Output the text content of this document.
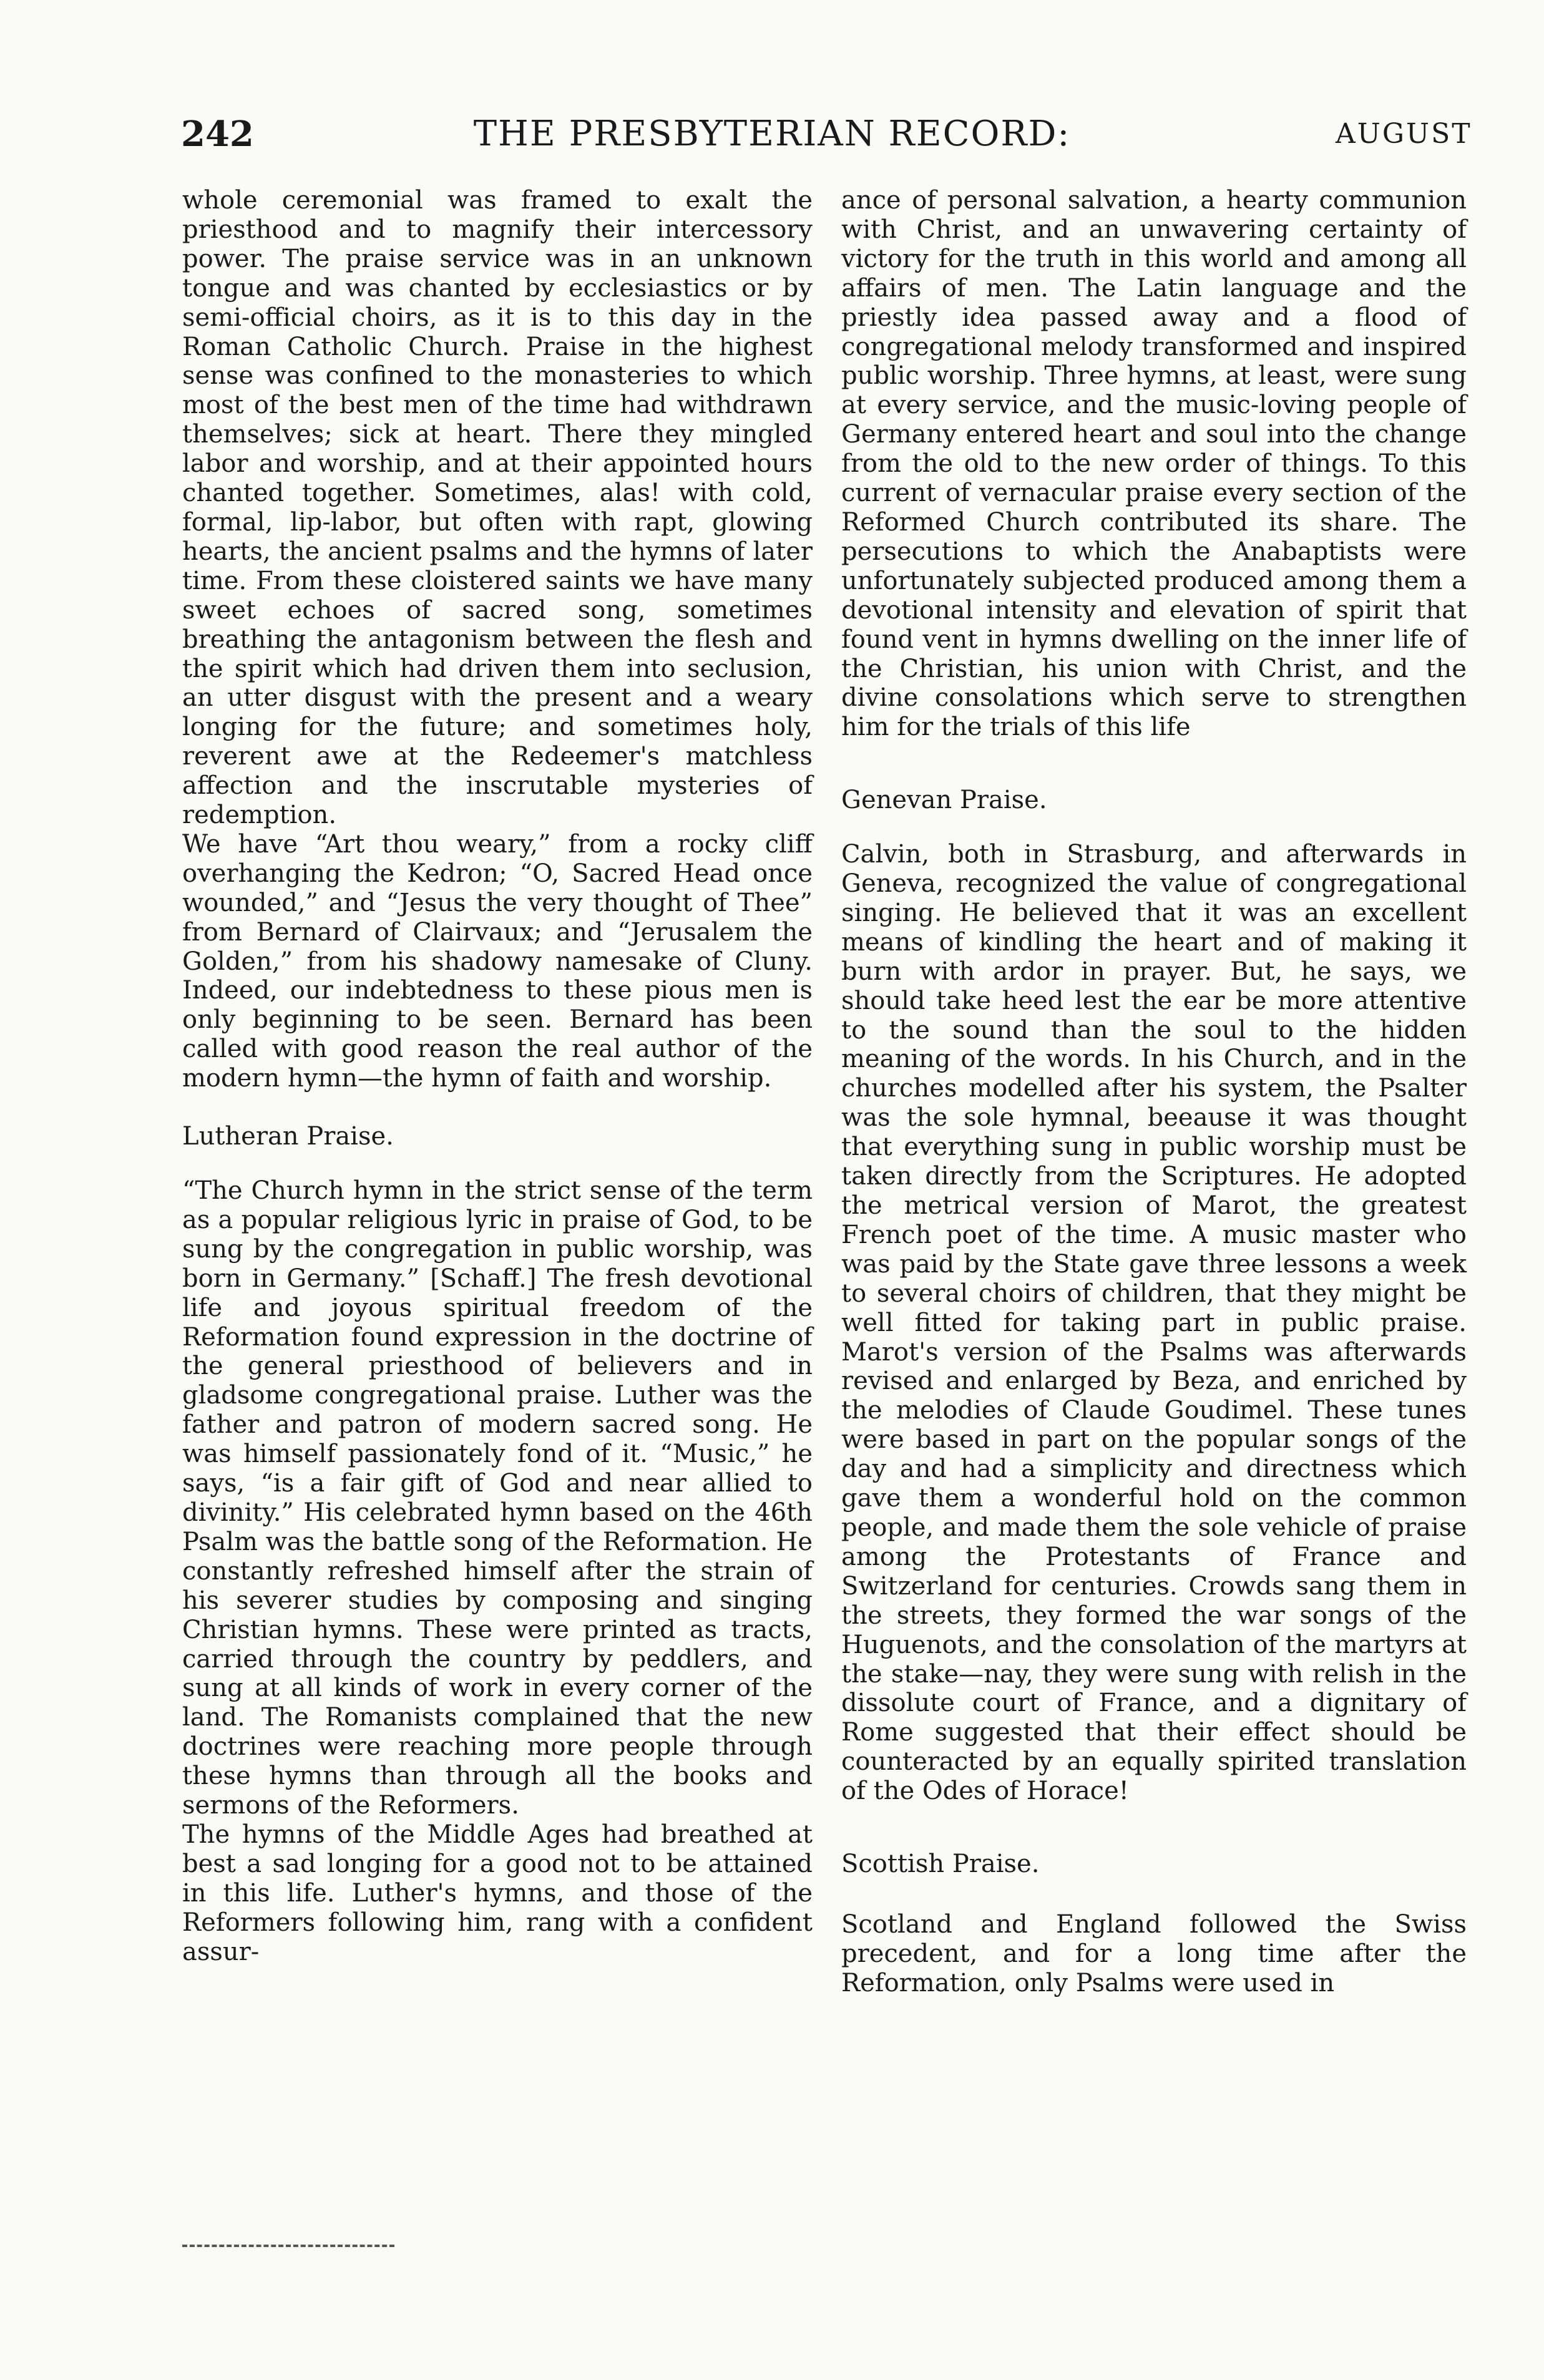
THE PRESBYTERIAN RECORD:
242	AUGUST

whole ceremonial was framed to exalt the priesthood and to magnify their intercessory power. The praise service was in an unknown tongue and was chanted by ecclesiastics or by semi-official choirs, as it is to this day in the Roman Catholic Church. Praise in the highest sense was confined to the monasteries to which most of the best men of the time had withdrawn themselves; sick at heart. There they mingled labor and worship, and at their appointed hours chanted together. Sometimes, alas! with cold, formal, lip-labor, but often with rapt, glowing hearts, the ancient psalms and the hymns of later time. From these cloistered saints we have many sweet echoes of sacred song, sometimes breathing the antagonism between the flesh and the spirit which had driven them into seclusion, an utter disgust with the present and a weary longing for the future; and sometimes holy, reverent awe at the Redeemer's matchless affection and the inscrutable mysteries of redemption.

We have “Art thou weary,” from a rocky cliff overhanging the Kedron; “O, Sacred Head once wounded,” and “Jesus the very thought of Thee” from Bernard of Clairvaux; and “Jerusalem the Golden,” from his shadowy namesake of Cluny. Indeed, our indebtedness to these pious men is only beginning to be seen. Bernard has been called with good reason the real author of the modern hymn—the hymn of faith and worship.

Lutheran Praise.

“The Church hymn in the strict sense of the term as a popular religious lyric in praise of God, to be sung by the congregation in public worship, was born in Germany.” [Schaff.] The fresh devotional life and joyous spiritual freedom of the Reformation found expression in the doctrine of the general priesthood of believers and in gladsome congregational praise. Luther was the father and patron of modern sacred song. He was himself passionately fond of it. “Music,” he says, “is a fair gift of God and near allied to divinity.” His celebrated hymn based on the 46th Psalm was the battle song of the Reformation. He constantly refreshed himself after the strain of his severer studies by composing and singing Christian hymns. These were printed as tracts, carried through the country by peddlers, and sung at all kinds of work in every corner of the land. The Romanists complained that the new doctrines were reaching more people through these hymns than through all the books and sermons of the Reformers.

The hymns of the Middle Ages had breathed at best a sad longing for a good not to be attained in this life. Luther's hymns, and those of the Reformers following him, rang with a confident assur-

ance of personal salvation, a hearty communion with Christ, and an unwavering certainty of victory for the truth in this world and among all affairs of men. The Latin language and the priestly idea passed away and a flood of congregational melody transformed and inspired public worship. Three hymns, at least, were sung at every service, and the music-loving people of Germany entered heart and soul into the change from the old to the new order of things. To this current of vernacular praise every section of the Reformed Church contributed its share. The persecutions to which the Anabaptists were unfortunately subjected produced among them a devotional intensity and elevation of spirit that found vent in hymns dwelling on the inner life of the Christian, his union with Christ, and the divine consolations which serve to strengthen him for the trials of this life

Genevan Praise.

Calvin, both in Strasburg, and afterwards in Geneva, recognized the value of congregational singing. He believed that it was an excellent means of kindling the heart and of making it burn with ardor in prayer. But, he says, we should take heed lest the ear be more attentive to the sound than the soul to the hidden meaning of the words. In his Church, and in the churches modelled after his system, the Psalter was the sole hymnal, beeause it was thought that everything sung in public worship must be taken directly from the Scriptures. He adopted the metrical version of Marot, the greatest French poet of the time. A music master who was paid by the State gave three lessons a week to several choirs of children, that they might be well fitted for taking part in public praise. Marot's version of the Psalms was afterwards revised and enlarged by Beza, and enriched by the melodies of Claude Goudimel. These tunes were based in part on the popular songs of the day and had a simplicity and directness which gave them a wonderful hold on the common people, and made them the sole vehicle of praise among the Protestants of France and Switzerland for centuries. Crowds sang them in the streets, they formed the war songs of the Huguenots, and the consolation of the martyrs at the stake—nay, they were sung with relish in the dissolute court of France, and a dignitary of Rome suggested that their effect should be counteracted by an equally spirited translation of the Odes of Horace!

Scottish Praise.

Scotland and England followed the Swiss precedent, and for a long time after the Reformation, only Psalms were used in
